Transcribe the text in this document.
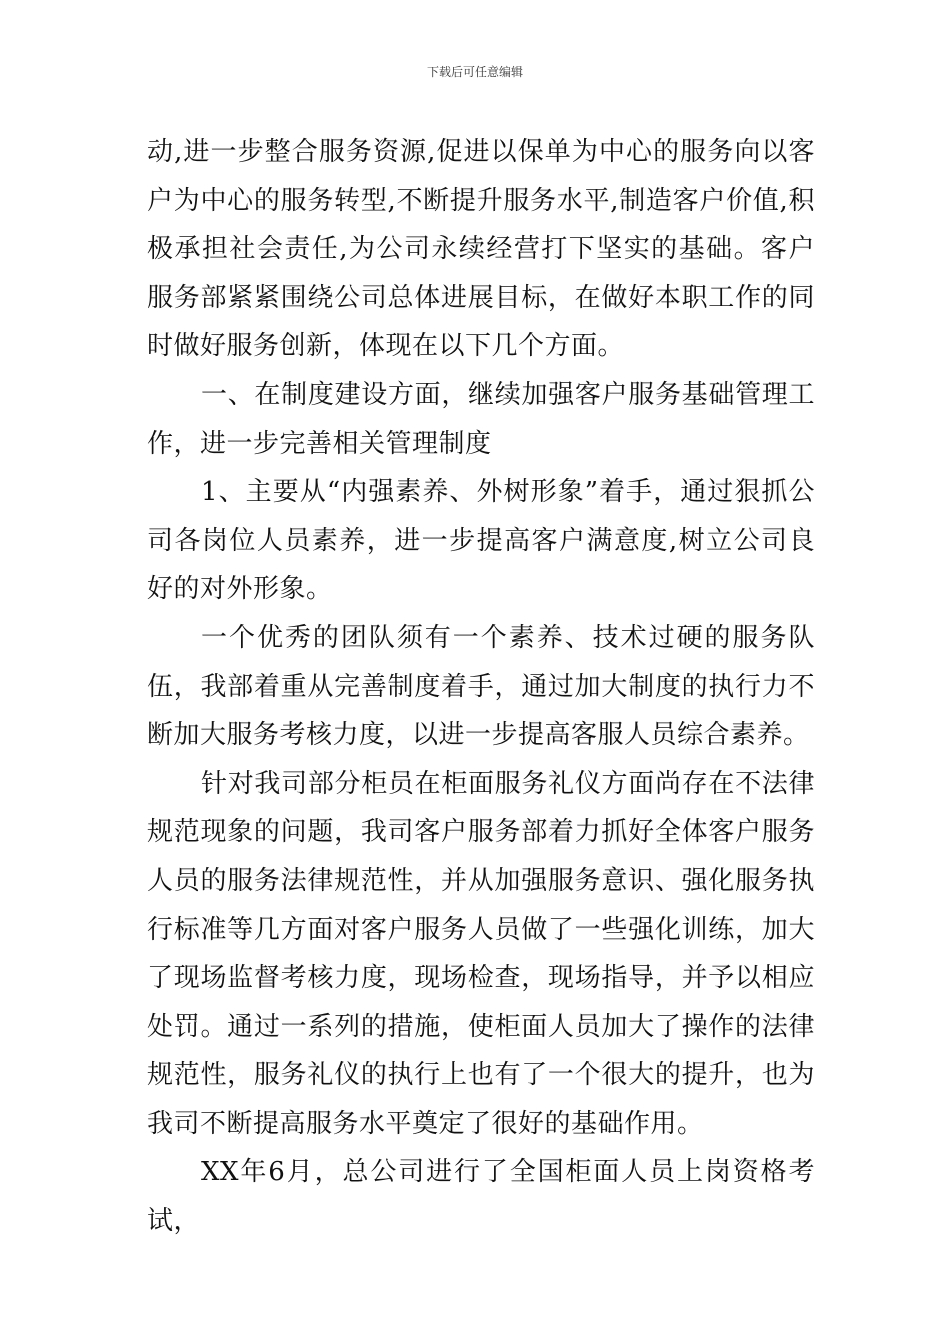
下载后可任意编辑

动,进一步整合服务资源,促进以保单为中心的服务向以客户为中心的服务转型,不断提升服务水平,制造客户价值,积极承担社会责任,为公司永续经营打下坚实的基础。客户服务部紧紧围绕公司总体进展目标，在做好本职工作的同时做好服务创新，体现在以下几个方面。

一、在制度建设方面，继续加强客户服务基础管理工作，进一步完善相关管理制度

1、主要从“内强素养、外树形象”着手，通过狠抓公司各岗位人员素养，进一步提高客户满意度,树立公司良好的对外形象。

一个优秀的团队须有一个素养、技术过硬的服务队伍，我部着重从完善制度着手，通过加大制度的执行力不断加大服务考核力度，以进一步提高客服人员综合素养。

针对我司部分柜员在柜面服务礼仪方面尚存在不法律规范现象的问题，我司客户服务部着力抓好全体客户服务人员的服务法律规范性，并从加强服务意识、强化服务执行标准等几方面对客户服务人员做了一些强化训练，加大了现场监督考核力度，现场检查，现场指导，并予以相应处罚。通过一系列的措施，使柜面人员加大了操作的法律规范性，服务礼仪的执行上也有了一个很大的提升，也为我司不断提高服务水平奠定了很好的基础作用。

XX年6月，总公司进行了全国柜面人员上岗资格考试，
